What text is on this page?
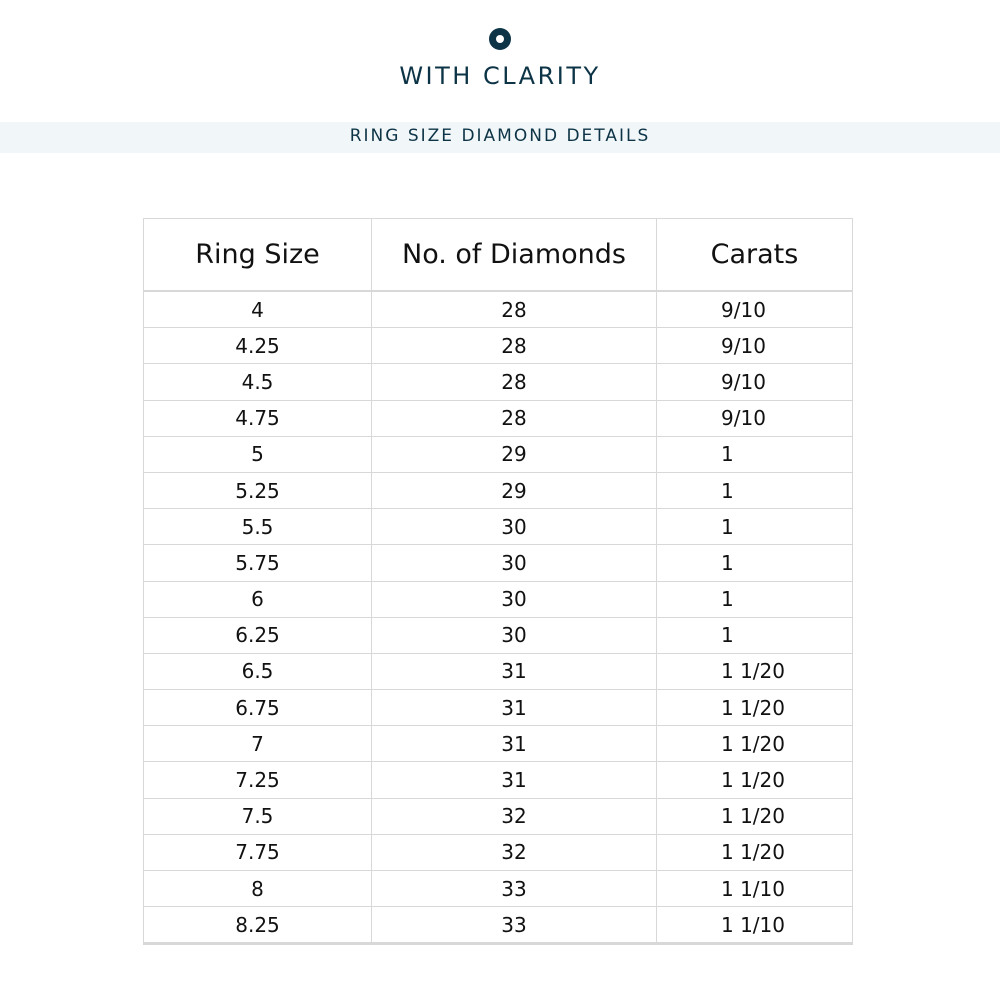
WITH CLARITY
RING SIZE DIAMOND DETAILS
Ring Size	No. of Diamonds	Carats
4	28	9/10
4.25	28	9/10
4.5	28	9/10
4.75	28	9/10
5	29	1
5.25	29	1
5.5	30	1
5.75	30	1
6	30	1
6.25	30	1
6.5	31	1 1/20
6.75	31	1 1/20
7	31	1 1/20
7.25	31	1 1/20
7.5	32	1 1/20
7.75	32	1 1/20
8	33	1 1/10
8.25	33	1 1/10
